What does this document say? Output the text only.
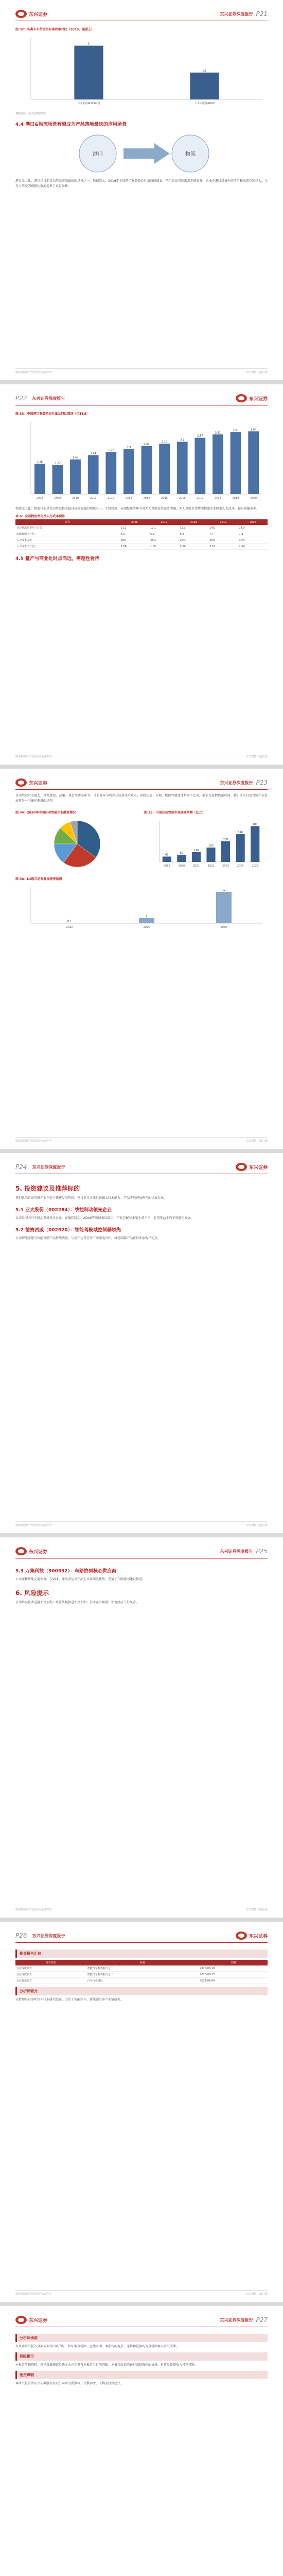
东兴证券	东兴证券深度报告 P21
图 32：各类卡车货损相对事故率对比（2019，起重上）
卡车配备ADAS系统
1
卡车未配备ADAS
0.5
资料来源：东兴证券研究所
4.4 港口&物流场景有望成为产品落地最快的应用场景
港口	物流
港口无人化：港口是目前自动驾驶落地最快的场景之一。数据显示，2019年全球港口集装箱吞吐量持续增长，港口自动驾驶需求不断提升，企业在港口场景中的应用和改造空间巨大，为无人驾驶的规模化落地提供了良好条件。
敬请参阅报告结尾处的免责声明	东方财智 兴盛之源
P22 东兴证券深度报告	东兴证券
图 33：中国港口集装箱吞吐量及同比增速（亿TEU）
2008
1.28
2009
1.22
2010
1.46
2011
1.64
2012
1.77
2013
1.9
2014
2.02
2015
2.12
2016
2.2
2017
2.37
2018
2.51
2019
2.61
2020
2.64
物流无人化：物流行业是自动驾驶技术最具应用价值的领域之一。干线物流、末端配送等环节对无人驾驶技术需求明确，无人驾驶有望帮助物流企业降低人力成本，提升运输效率。
表 6：全国物流费用及人力成本测算
项目	2016	2017	2018	2019	2020
社会物流总费用（万亿）	11.1	12.1	13.3	14.6	14.9
运输费用（万亿）	6.0	6.6	6.9	7.7	7.8
人力成本占比	28%	28%	29%	30%	30%
人力成本（万亿）	1.68	1.85	2.00	2.31	2.34
4.5 量产与商业化时点尚远，需理性看待
敬请参阅报告结尾处的免责声明	东方财智 兴盛之源
东兴证券	东兴证券深度报告 P23
自动驾驶产业链长，涉及感知、决策、执行等诸多环节，目前各环节均存在较多技术难点。同时法规、伦理、保险等制度体系尚不完善，商业化进程仍需时间。我们认为自动驾驶产业发展将是一个循序渐进的过程。
图 34：2020年中国自动驾驶企业融资情况	图 35：中国自动驾驶市场规模预测（亿元）
2019
60
2020
80
2021
110
2022
160
2023
230
2024
310
2025
400
图 36：L4级自动驾驶渗透率预测
2020
0.1
2025
2
2030
12
敬请参阅报告结尾处的免责声明	东方财智 兴盛之源
P24 东兴证券深度报告	东兴证券
5. 投资建议及推荐标的
我们认为自动驾驶产业正处于快速发展阶段，建议重点关注具备核心技术能力、产品落地进展领先的优质企业。
5.1 亚太股份（002284）：线控制动领先企业
公司是国内汽车制动系统龙头企业，在线控制动、ADAS等领域布局较早，产品已配套多家主流车企，有望受益于汽车智能化发展。
5.2 德赛西威（002920）：智能驾驶域控制器领先
公司智能座舱与智能驾驶产品持续放量，与英伟达等芯片厂商深度合作，域控制器产品获得多家客户定点。
敬请参阅报告结尾处的免责声明	东方财智 兴盛之源
东兴证券	东兴证券深度报告 P25
5.3 万集科技（300552）：车路协同核心供应商
公司深耕智能交通领域，在V2X、激光雷达等产品上具备领先优势，受益于车路协同建设推进。
6. 风险提示
自动驾驶技术进展不及预期；政策法规推进不及预期；行业竞争加剧；宏观经济下行风险。
敬请参阅报告结尾处的免责声明	东方财智 兴盛之源
P26 东兴证券深度报告	东兴证券
相关报告汇总
报告类型	标题	日期
行业深度报告	智能汽车系列报告之一	2020-06-10
行业深度报告	智能汽车系列报告之二	2020-09-15
行业普通报告	汽车行业周报	2021-01-08
分析师简介
分析师具有多年汽车行业研究经验，专注于智能汽车、新能源汽车产业链研究。
敬请参阅报告结尾处的免责声明	东方财智 兴盛之源
东兴证券	东兴证券深度报告 P27
分析师承诺
负责本研究报告全部或部分内容的每一位证券分析师，在此申明，本报告的观点、逻辑和论据均为分析师本人研究成果。
风险提示
本报告所载资料、意见及推测仅反映本公司于发布本报告当日的判断，本报告所指的证券或投资标的价格、价值及投资收入可升可跌。
免责声明
本研究报告由东兴证券股份有限公司研究所撰写，仅供参考，不构成投资建议。
